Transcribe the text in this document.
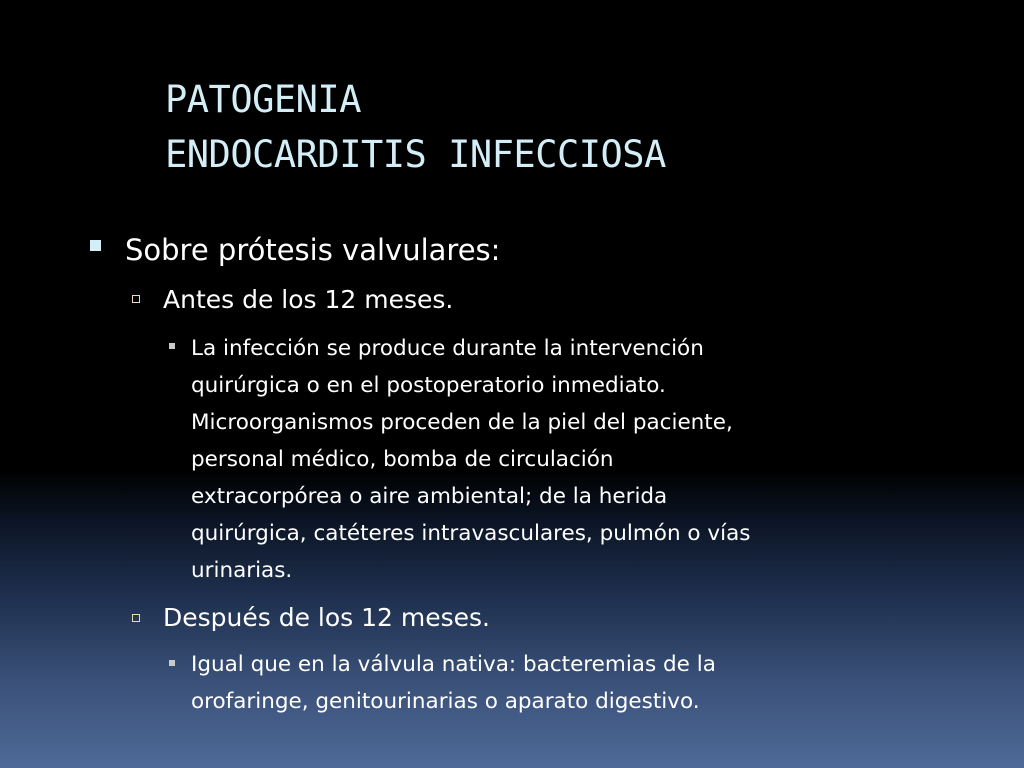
PATOGENIA
ENDOCARDITIS INFECCIOSA
Sobre prótesis valvulares:
Antes de los 12 meses.
La infección se produce durante la intervención
quirúrgica o en el postoperatorio inmediato.
Microorganismos proceden de la piel del paciente,
personal médico, bomba de circulación
extracorpórea o aire ambiental; de la herida
quirúrgica, catéteres intravasculares, pulmón o vías
urinarias.
Después de los 12 meses.
Igual que en la válvula nativa: bacteremias de la
orofaringe, genitourinarias o aparato digestivo.
